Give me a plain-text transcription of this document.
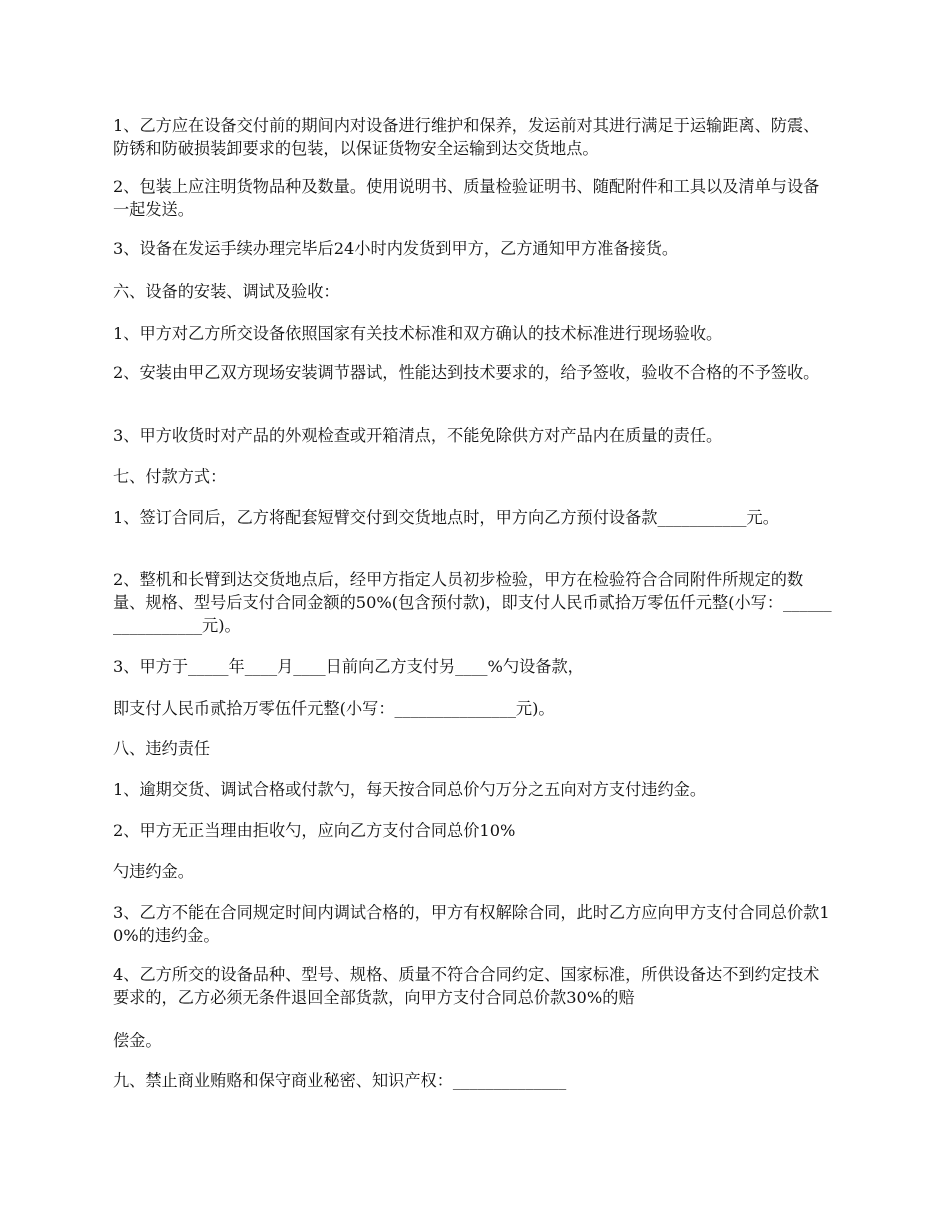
1、乙方应在设备交付前的期间内对设备进行维护和保养，发运前对其进行满足于运输距离、防震、防锈和防破损装卸要求的包装，以保证货物安全运输到达交货地点。

2、包装上应注明货物品种及数量。使用说明书、质量检验证明书、随配附件和工具以及清单与设备一起发送。

3、设备在发运手续办理完毕后24小时内发货到甲方，乙方通知甲方准备接货。

六、设备的安装、调试及验收：

1、甲方对乙方所交设备依照国家有关技术标准和双方确认的技术标准进行现场验收。

2、安装由甲乙双方现场安装调节器试，性能达到技术要求的，给予签收，验收不合格的不予签收。

3、甲方收货时对产品的外观检查或开箱清点，不能免除供方对产品内在质量的责任。

七、付款方式：

1、签订合同后，乙方将配套短臂交付到交货地点时，甲方向乙方预付设备款___________元。

2、整机和长臂到达交货地点后，经甲方指定人员初步检验，甲方在检验符合合同附件所规定的数量、规格、型号后支付合同金额的50%(包含预付款)，即支付人民币贰拾万零伍仟元整(小写：_________________元)。

3、甲方于_____年____月____日前向乙方支付另____%勺设备款，

即支付人民币贰拾万零伍仟元整(小写：_______________元)。

八、违约责任

1、逾期交货、调试合格或付款勺，每天按合同总价勺万分之五向对方支付违约金。

2、甲方无正当理由拒收勺，应向乙方支付合同总价10%

勺违约金。

3、乙方不能在合同规定时间内调试合格的，甲方有权解除合同，此时乙方应向甲方支付合同总价款10%的违约金。

4、乙方所交的设备品种、型号、规格、质量不符合合同约定、国家标准，所供设备达不到约定技术要求的，乙方必须无条件退回全部货款，向甲方支付合同总价款30%的赔

偿金。

九、禁止商业贿赂和保守商业秘密、知识产权：______________
